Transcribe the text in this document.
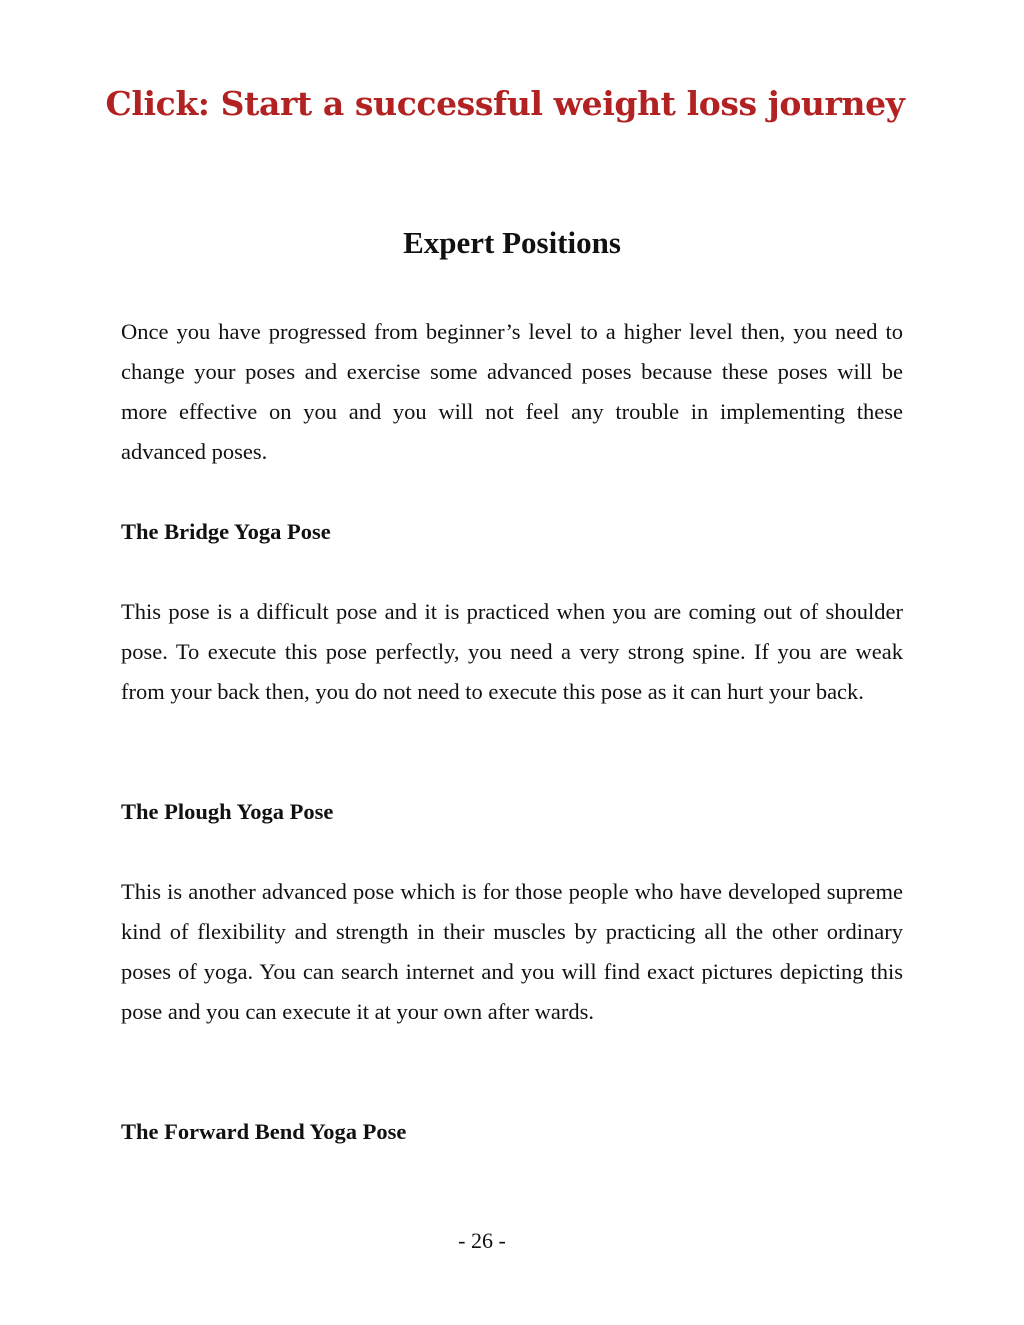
Click: Start a successful weight loss journey
Expert Positions

Once you have progressed from beginner’s level to a higher level then, you need to change your poses and exercise some advanced poses because these poses will be more effective on you and you will not feel any trouble in implementing these advanced poses.

The Bridge Yoga Pose

This pose is a difficult pose and it is practiced when you are coming out of shoulder pose. To execute this pose perfectly, you need a very strong spine. If you are weak from your back then, you do not need to execute this pose as it can hurt your back.

The Plough Yoga Pose

This is another advanced pose which is for those people who have developed supreme kind of flexibility and strength in their muscles by practicing all the other ordinary poses of yoga. You can search internet and you will find exact pictures depicting this pose and you can execute it at your own after wards.

The Forward Bend Yoga Pose
- 26 -
